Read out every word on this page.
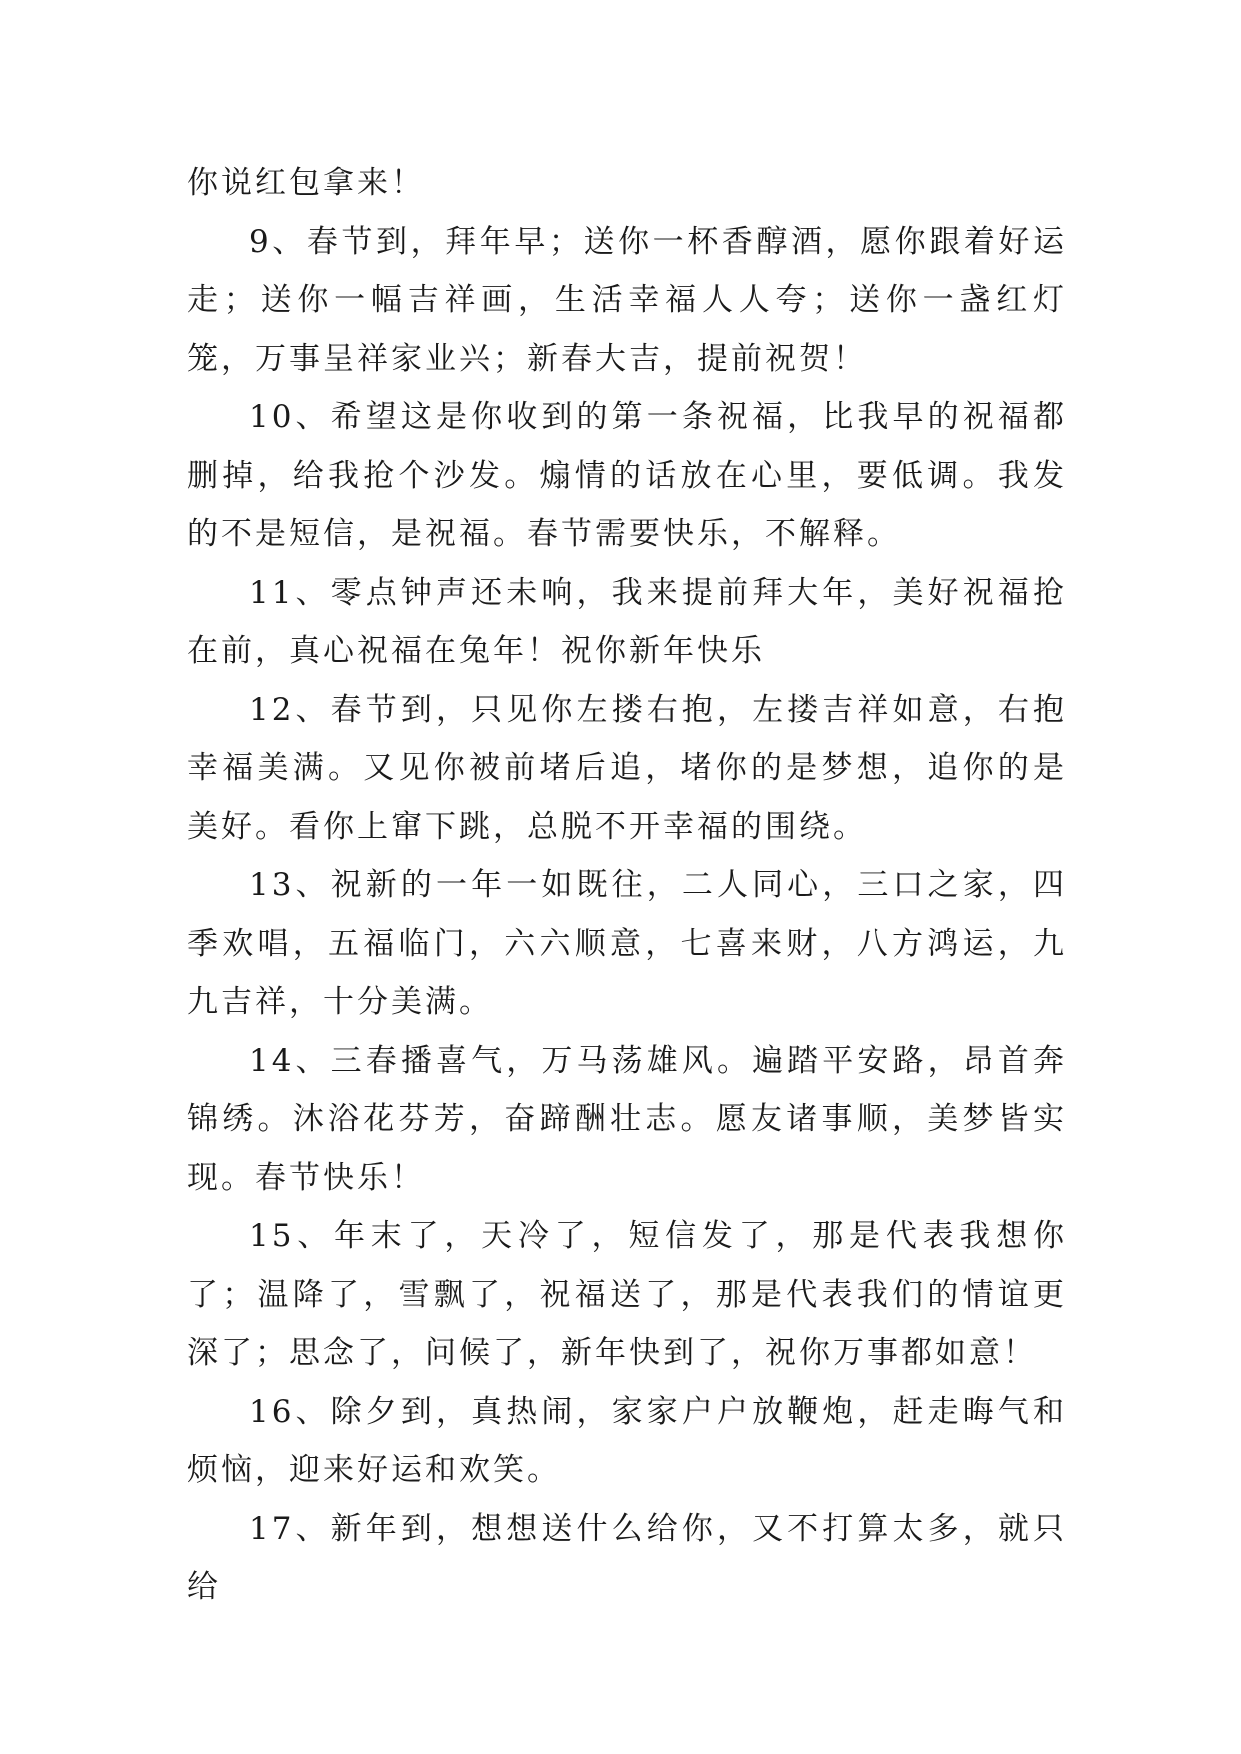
你说红包拿来！

9、春节到，拜年早；送你一杯香醇酒，愿你跟着好运走；送你一幅吉祥画，生活幸福人人夸；送你一盏红灯笼，万事呈祥家业兴；新春大吉，提前祝贺！

10、希望这是你收到的第一条祝福，比我早的祝福都删掉，给我抢个沙发。煽情的话放在心里，要低调。我发的不是短信，是祝福。春节需要快乐，不解释。

11、零点钟声还未响，我来提前拜大年，美好祝福抢在前，真心祝福在兔年！祝你新年快乐

12、春节到，只见你左搂右抱，左搂吉祥如意，右抱幸福美满。又见你被前堵后追，堵你的是梦想，追你的是美好。看你上窜下跳，总脱不开幸福的围绕。

13、祝新的一年一如既往，二人同心，三口之家，四季欢唱，五福临门，六六顺意，七喜来财，八方鸿运，九九吉祥，十分美满。

14、三春播喜气，万马荡雄风。遍踏平安路，昂首奔锦绣。沐浴花芬芳，奋蹄酬壮志。愿友诸事顺，美梦皆实现。春节快乐！

15、年末了，天冷了，短信发了，那是代表我想你了；温降了，雪飘了，祝福送了，那是代表我们的情谊更深了；思念了，问候了，新年快到了，祝你万事都如意！

16、除夕到，真热闹，家家户户放鞭炮，赶走晦气和烦恼，迎来好运和欢笑。

17、新年到，想想送什么给你，又不打算太多，就只给
